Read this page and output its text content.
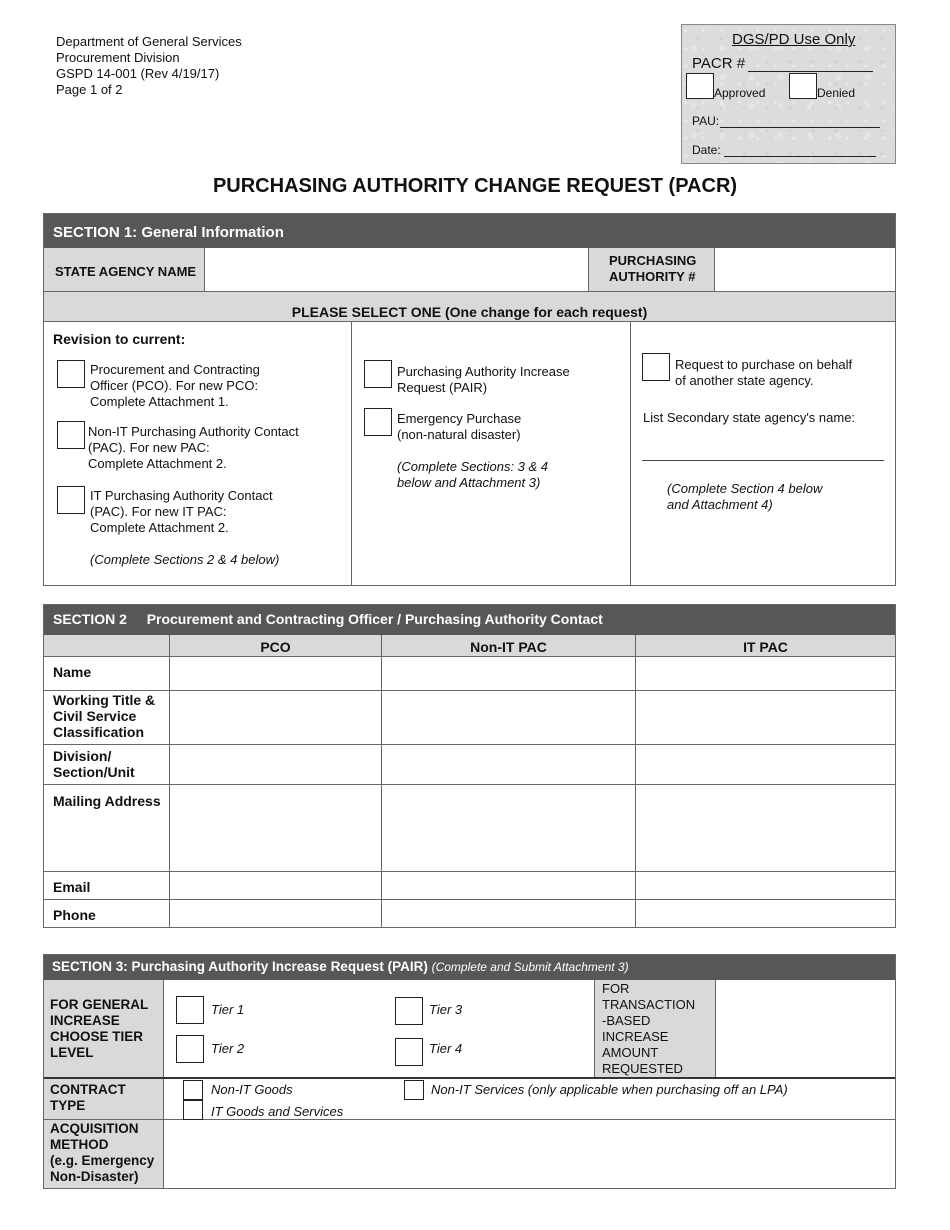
Department of General Services
Procurement Division
GSPD 14-001 (Rev 4/19/17)
Page 1 of 2
DGS/PD Use Only
PACR #
Approved	Denied
PAU:
Date:
PURCHASING AUTHORITY CHANGE REQUEST (PACR)
SECTION 1: General Information
STATE AGENCY NAME
PURCHASING
AUTHORITY #
PLEASE SELECT ONE (One change for each request)
Revision to current:
Procurement and Contracting
Officer (PCO). For new PCO:
Complete Attachment 1.
Non-IT Purchasing Authority Contact
(PAC). For new PAC:
Complete Attachment 2.
IT Purchasing Authority Contact
(PAC). For new IT PAC:
Complete Attachment 2.
(Complete Sections 2 & 4 below)
Purchasing Authority Increase
Request (PAIR)
Emergency Purchase
(non-natural disaster)
(Complete Sections: 3 & 4
below and Attachment 3)
Request to purchase on behalf
of another state agency.
List Secondary state agency's name:
(Complete Section 4 below
and Attachment 4)
SECTION 2 Procurement and Contracting Officer / Purchasing Authority Contact
PCO	Non-IT PAC	IT PAC
Name
Working Title &
Civil Service
Classification
Division/
Section/Unit
Mailing Address
Email
Phone
SECTION 3: Purchasing Authority Increase Request (PAIR) (Complete and Submit Attachment 3)
FOR GENERAL
INCREASE
CHOOSE TIER
LEVEL
Tier 1
Tier 2
Tier 3
Tier 4
FOR
TRANSACTION
-BASED
INCREASE
AMOUNT
REQUESTED
CONTRACT
TYPE
Non-IT Goods
IT Goods and Services
Non-IT Services (only applicable when purchasing off an LPA)
ACQUISITION
METHOD
(e.g. Emergency
Non-Disaster)
